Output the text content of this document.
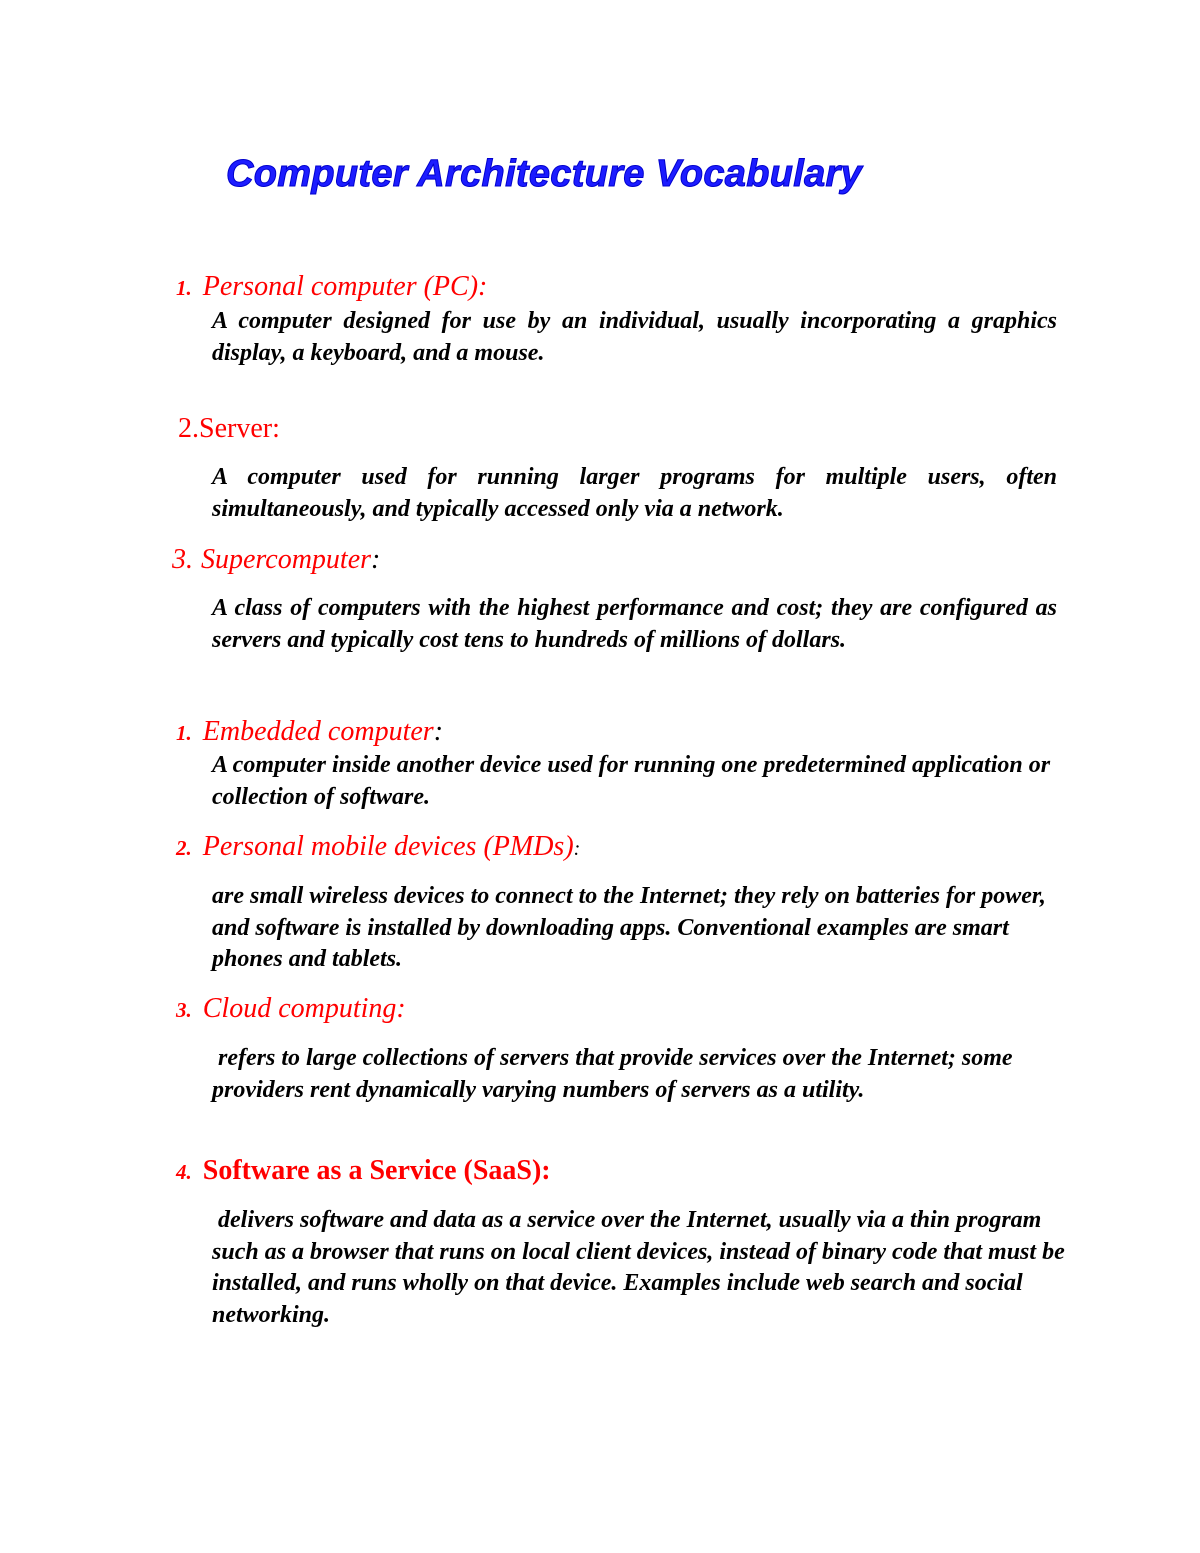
Computer Architecture Vocabulary
1. Personal computer (PC):

A computer designed for use by an individual, usually incorporating a graphics display, a keyboard, and a mouse.

2.Server:

A computer used for running larger programs for multiple users, often simultaneously, and typically accessed only via a network.

3. Supercomputer:

A class of computers with the highest performance and cost; they are configured as servers and typically cost tens to hundreds of millions of dollars.

1. Embedded computer:

A computer inside another device used for running one predetermined application or collection of software.

2. Personal mobile devices (PMDs):

are small wireless devices to connect to the Internet; they rely on batteries for power, and software is installed by downloading apps. Conventional examples are smart phones and tablets.

3. Cloud computing:

refers to large collections of servers that provide services over the Internet; some providers rent dynamically varying numbers of servers as a utility.

4. Software as a Service (SaaS):

delivers software and data as a service over the Internet, usually via a thin program such as a browser that runs on local client devices, instead of binary code that must be installed, and runs wholly on that device. Examples include web search and social networking.
